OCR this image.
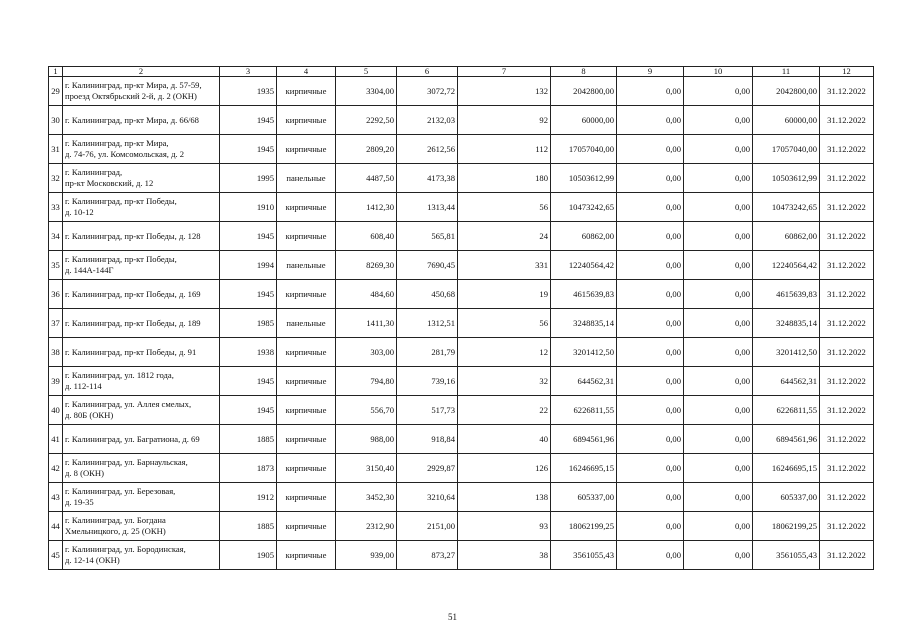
1	2	3	4	5	6	7	8	9	10	11	12
29	г. Калининград, пр-кт Мира, д. 57-59,
проезд Октябрьский 2-й, д. 2 (ОКН)	1935	кирпичные	3304,00	3072,72	132	2042800,00	0,00	0,00	2042800,00	31.12.2022
30	г. Калининград, пр-кт Мира, д. 66/68	1945	кирпичные	2292,50	2132,03	92	60000,00	0,00	0,00	60000,00	31.12.2022
31	г. Калининград, пр-кт Мира,
д. 74-76, ул. Комсомольская, д. 2	1945	кирпичные	2809,20	2612,56	112	17057040,00	0,00	0,00	17057040,00	31.12.2022
32	г. Калининград,
пр-кт Московский, д. 12	1995	панельные	4487,50	4173,38	180	10503612,99	0,00	0,00	10503612,99	31.12.2022
33	г. Калининград, пр-кт Победы,
д. 10-12	1910	кирпичные	1412,30	1313,44	56	10473242,65	0,00	0,00	10473242,65	31.12.2022
34	г. Калининград, пр-кт Победы, д. 128	1945	кирпичные	608,40	565,81	24	60862,00	0,00	0,00	60862,00	31.12.2022
35	г. Калининград, пр-кт Победы,
д. 144А-144Г	1994	панельные	8269,30	7690,45	331	12240564,42	0,00	0,00	12240564,42	31.12.2022
36	г. Калининград, пр-кт Победы, д. 169	1945	кирпичные	484,60	450,68	19	4615639,83	0,00	0,00	4615639,83	31.12.2022
37	г. Калининград, пр-кт Победы, д. 189	1985	панельные	1411,30	1312,51	56	3248835,14	0,00	0,00	3248835,14	31.12.2022
38	г. Калининград, пр-кт Победы, д. 91	1938	кирпичные	303,00	281,79	12	3201412,50	0,00	0,00	3201412,50	31.12.2022
39	г. Калининград, ул. 1812 года,
д. 112-114	1945	кирпичные	794,80	739,16	32	644562,31	0,00	0,00	644562,31	31.12.2022
40	г. Калининград, ул. Аллея смелых,
д. 80Б (ОКН)	1945	кирпичные	556,70	517,73	22	6226811,55	0,00	0,00	6226811,55	31.12.2022
41	г. Калининград, ул. Багратиона, д. 69	1885	кирпичные	988,00	918,84	40	6894561,96	0,00	0,00	6894561,96	31.12.2022
42	г. Калининград, ул. Барнаульская,
д. 8 (ОКН)	1873	кирпичные	3150,40	2929,87	126	16246695,15	0,00	0,00	16246695,15	31.12.2022
43	г. Калининград, ул. Березовая,
д. 19-35	1912	кирпичные	3452,30	3210,64	138	605337,00	0,00	0,00	605337,00	31.12.2022
44	г. Калининград, ул. Богдана
Хмельницкого, д. 25 (ОКН)	1885	кирпичные	2312,90	2151,00	93	18062199,25	0,00	0,00	18062199,25	31.12.2022
45	г. Калининград, ул. Бородинская,
д. 12-14 (ОКН)	1905	кирпичные	939,00	873,27	38	3561055,43	0,00	0,00	3561055,43	31.12.2022
51
